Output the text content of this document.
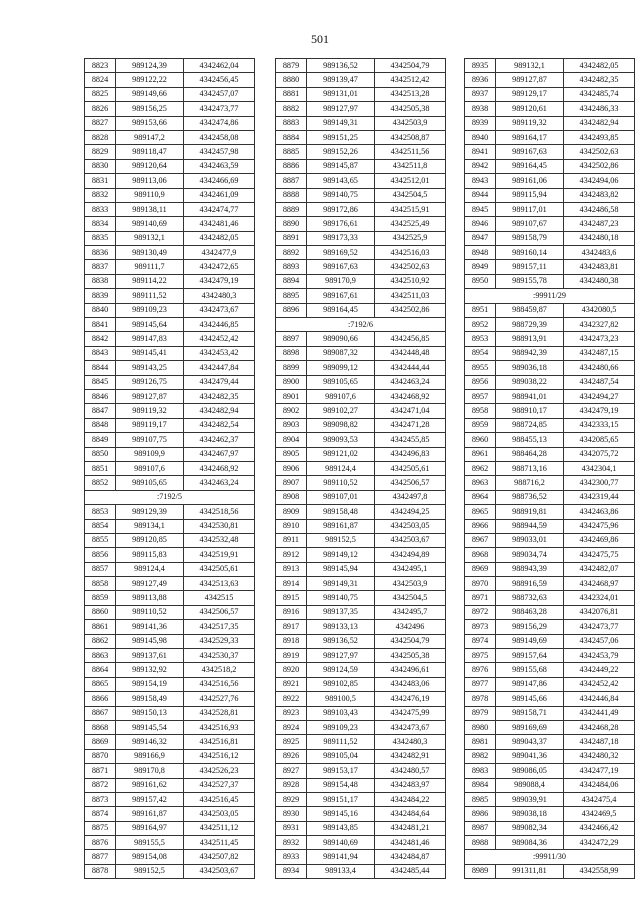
501
8823	989124,39	4342462,04
8824	989122,22	4342456,45
8825	989149,66	4342457,07
8826	989156,25	4342473,77
8827	989153,66	4342474,86
8828	989147,2	4342458,08
8829	989118,47	4342457,98
8830	989120,64	4342463,59
8831	989113,06	4342466,69
8832	989110,9	4342461,09
8833	989138,11	4342474,77
8834	989140,69	4342481,46
8835	989132,1	4342482,05
8836	989130,49	4342477,9
8837	989111,7	4342472,65
8838	989114,22	4342479,19
8839	989111,52	4342480,3
8840	989109,23	4342473,67
8841	989145,64	4342446,85
8842	989147,83	4342452,42
8843	989145,41	4342453,42
8844	989143,25	4342447,84
8845	989126,75	4342479,44
8846	989127,87	4342482,35
8847	989119,32	4342482,94
8848	989119,17	4342482,54
8849	989107,75	4342462,37
8850	989109,9	4342467,97
8851	989107,6	4342468,92
8852	989105,65	4342463,24
:7192/5		
8853	989129,39	4342518,56
8854	989134,1	4342530,81
8855	989120,85	4342532,48
8856	989115,83	4342519,91
8857	989124,4	4342505,61
8858	989127,49	4342513,63
8859	989113,88	4342515
8860	989110,52	4342506,57
8861	989141,36	4342517,35
8862	989145,98	4342529,33
8863	989137,61	4342530,37
8864	989132,92	4342518,2
8865	989154,19	4342516,56
8866	989158,49	4342527,76
8867	989150,13	4342528,81
8868	989145,54	4342516,93
8869	989146,32	4342516,81
8870	989166,9	4342516,12
8871	989170,8	4342526,23
8872	989161,62	4342527,37
8873	989157,42	4342516,45
8874	989161,87	4342503,05
8875	989164,97	4342511,12
8876	989155,5	4342511,45
8877	989154,08	4342507,82
8878	989152,5	4342503,67
8879	989136,52	4342504,79
8880	989139,47	4342512,42
8881	989131,01	4342513,28
8882	989127,97	4342505,38
8883	989149,31	4342503,9
8884	989151,25	4342508,87
8885	989152,26	4342511,56
8886	989145,87	4342511,8
8887	989143,65	4342512,01
8888	989140,75	4342504,5
8889	989172,86	4342515,91
8890	989176,61	4342525,49
8891	989173,33	4342525,9
8892	989169,52	4342516,03
8893	989167,63	4342502,63
8894	989170,9	4342510,92
8895	989167,61	4342511,03
8896	989164,45	4342502,86
:7192/6		
8897	989090,66	4342456,85
8898	989087,32	4342448,48
8899	989099,12	4342444,44
8900	989105,65	4342463,24
8901	989107,6	4342468,92
8902	989102,27	4342471,04
8903	989098,82	4342471,28
8904	989093,53	4342455,85
8905	989121,02	4342496,83
8906	989124,4	4342505,61
8907	989110,52	4342506,57
8908	989107,01	4342497,8
8909	989158,48	4342494,25
8910	989161,87	4342503,05
8911	989152,5	4342503,67
8912	989149,12	4342494,89
8913	989145,94	4342495,1
8914	989149,31	4342503,9
8915	989140,75	4342504,5
8916	989137,35	4342495,7
8917	989133,13	4342496
8918	989136,52	4342504,79
8919	989127,97	4342505,38
8920	989124,59	4342496,61
8921	989102,85	4342483,06
8922	989100,5	4342476,19
8923	989103,43	4342475,99
8924	989109,23	4342473,67
8925	989111,52	4342480,3
8926	989105,04	4342482,91
8927	989153,17	4342480,57
8928	989154,48	4342483,97
8929	989151,17	4342484,22
8930	989145,16	4342484,64
8931	989143,85	4342481,21
8932	989140,69	4342481,46
8933	989141,94	4342484,87
8934	989133,4	4342485,44
8935	989132,1	4342482,05
8936	989127,87	4342482,35
8937	989129,17	4342485,74
8938	989120,61	4342486,33
8939	989119,32	4342482,94
8940	989164,17	4342493,85
8941	989167,63	4342502,63
8942	989164,45	4342502,86
8943	989161,06	4342494,06
8944	989115,94	4342483,82
8945	989117,01	4342486,58
8946	989107,67	4342487,23
8947	989158,79	4342480,18
8948	989160,14	4342483,6
8949	989157,11	4342483,81
8950	989155,78	4342480,38
:99911/29		
8951	988459,87	4342080,5
8952	988729,39	4342327,82
8953	988913,91	4342473,23
8954	988942,39	4342487,15
8955	989036,18	4342480,66
8956	989038,22	4342487,54
8957	988941,01	4342494,27
8958	988910,17	4342479,19
8959	988724,85	4342333,15
8960	988455,13	4342085,65
8961	988464,28	4342075,72
8962	988713,16	4342304,1
8963	988716,2	4342300,77
8964	988736,52	4342319,44
8965	988919,81	4342463,86
8966	988944,59	4342475,96
8967	989033,01	4342469,86
8968	989034,74	4342475,75
8969	988943,39	4342482,07
8970	988916,59	4342468,97
8971	988732,63	4342324,01
8972	988463,28	4342076,81
8973	989156,29	4342473,77
8974	989149,69	4342457,06
8975	989157,64	4342453,79
8976	989155,68	4342449,22
8977	989147,86	4342452,42
8978	989145,66	4342446,84
8979	989158,71	4342441,49
8980	989169,69	4342468,28
8981	989043,37	4342487,18
8982	989041,36	4342480,32
8983	989086,05	4342477,19
8984	989088,4	4342484,06
8985	989039,91	4342475,4
8986	989038,18	4342469,5
8987	989082,34	4342466,42
8988	989084,36	4342472,29
:99911/30		
8989	991311,81	4342558,99
